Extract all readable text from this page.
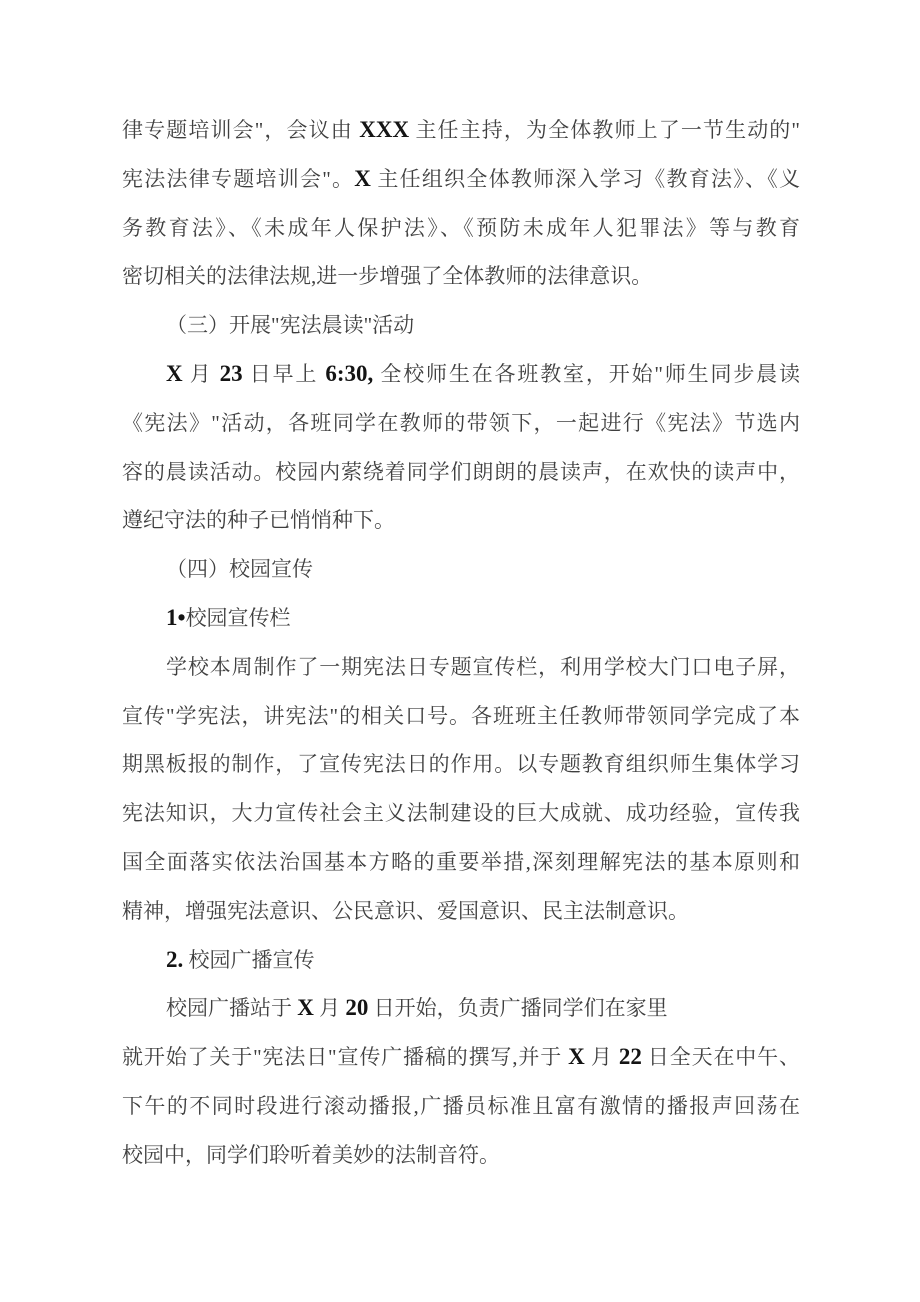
律专题培训会"，会议由 XXX 主任主持，为全体教师上了一节生动的"
宪法法律专题培训会"。X 主任组织全体教师深入学习《教育法》、《义
务教育法》、《未成年人保护法》、《预防未成年人犯罪法》等与教育
密切相关的法律法规,进一步增强了全体教师的法律意识。
（三）开展"宪法晨读"活动
X 月 23 日早上 6:30, 全校师生在各班教室，开始"师生同步晨读
《宪法》"活动，各班同学在教师的带领下，一起进行《宪法》节选内
容的晨读活动。校园内萦绕着同学们朗朗的晨读声，在欢快的读声中，
遵纪守法的种子已悄悄种下。
（四）校园宣传
1•校园宣传栏
学校本周制作了一期宪法日专题宣传栏，利用学校大门口电子屏，
宣传"学宪法，讲宪法"的相关口号。各班班主任教师带领同学完成了本
期黑板报的制作，了宣传宪法日的作用。以专题教育组织师生集体学习
宪法知识，大力宣传社会主义法制建设的巨大成就、成功经验，宣传我
国全面落实依法治国基本方略的重要举措,深刻理解宪法的基本原则和
精神，增强宪法意识、公民意识、爱国意识、民主法制意识。
2. 校园广播宣传
校园广播站于 X 月 20 日开始，负责广播同学们在家里
就开始了关于"宪法日"宣传广播稿的撰写,并于 X 月 22 日全天在中午、
下午的不同时段进行滚动播报,广播员标准且富有激情的播报声回荡在
校园中，同学们聆听着美妙的法制音符。
